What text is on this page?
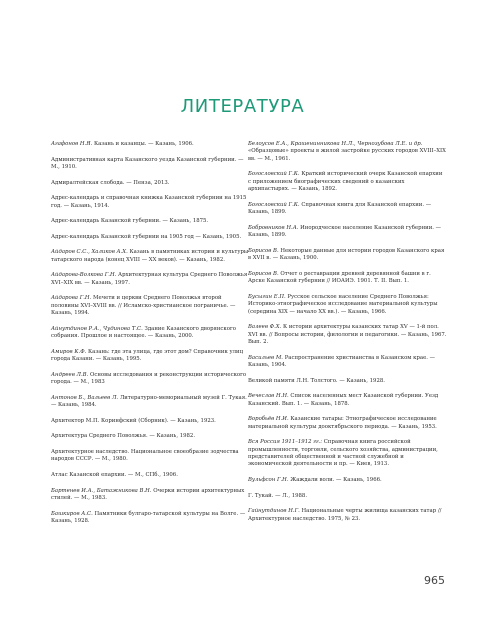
ЛИТЕРАТУРА
Агафонов Н.Я. Казань и казанцы. — Казань, 1906.
Административная карта Казанского уезда Казанской губернии. — М., 1910.
Адмиралтейская слобода. — Пенза, 2013.
Адрес-календарь и справочная книжка Казанской губернии на 1915 год. — Казань, 1914.
Адрес-календарь Казанской губернии. — Казань, 1875.
Адрес-календарь Казанской губернии на 1905 год — Казань, 1905.
Айдаров С.С., Халиков А.Х. Казань в памятниках истории и культуры татарского народа (конец XVIII — XX веков). — Казань, 1982.
Айдарова-Волкова Г.Н. Архитектурная культура Среднего Поволжья XVI–XIX вв. — Казань, 1997.
Айдарова Г.Н. Мечети и церкви Среднего Поволжья второй половины XVI–XVIII вв. // Исламско-христианское пограничье. — Казань, 1994.
Айнутдинов Р.А., Чудинова Т.С. Здание Казанского дворянского собрания. Прошлое и настоящее. — Казань, 2000.
Амиров К.Ф. Казань: где эта улица, где этот дом? Справочник улиц города Казани. — Казань, 1995.
Андреев Л.В. Основы исследования и реконструкции исторического города. — М., 1983
Антонов Б., Вальеев Л. Литературно-мемориальный музей Г. Тукая. — Казань, 1984.
Архитектор М.П. Коринфский (Сборник). — Казань, 1923.
Архитектура Среднего Поволжья. — Казань, 1982.
Архитектурное наследство. Национальное своеобразие зодчества народов СССР. — М., 1980.
Атлас Казанской епархии. — М., СПб., 1906.
Бартенев И.А., Батажникова В.Н. Очерки истории архитектурных стилей. — М., 1983.
Башкиров А.С. Памятники булгаро-татарской культуры на Волге. — Казань, 1928.
Белоусов Е.А., Крашенинникова Н.Л., Чернозубова Л.Е. и др. «Образцовые» проекты в жилой застройке русских городов XVIII–XIX вв. — М., 1961.
Богословский Г.К. Краткий исторический очерк Казанской епархии с приложением биографических сведений о казанских архипастырях. — Казань, 1892.
Богословский Г.К. Справочная книга для Казанской епархии. — Казань, 1899.
Бобровников Н.А. Инородческое население Казанской губернии. — Казань, 1899.
Борисов В. Некоторые данные для истории городов Казанского края в XVII в. — Казань, 1900.
Борисов В. Отчет о реставрации древней деревянной башни в г. Арске Казанской губернии // ИОАИЭ. 1901. Т. II. Вып. 1.
Бусыгин Е.П. Русское сельское население Среднего Поволжья: Историко-этнографическое исследование материальной культуры (середина XIX — начало XX вв.). — Казань, 1966.
Валеев Ф.Х. К истории архитектуры казанских татар XV — 1-й пол. XVI вв. // Вопросы истории, филологии и педагогики. — Казань, 1967. Вып. 2.
Васильев М. Распространение христианства в Казанском крае. — Казань, 1904.
Великой памяти Л.Н. Толстого. — Казань, 1928.
Вечеслав Н.Н. Список населенных мест Казанской губернии. Уезд Казанский. Вып. 1. — Казань, 1878.
Воробьёв Н.И. Казанские татары: Этнографическое исследование материальной культуры дооктябрьского периода. — Казань, 1953.
Вся Россия 1911–1912 гг.: Справочная книга российской промышленности, торговли, сельского хозяйства, администрации, представителей общественной и частной служебной и экономической деятельности и пр. — Киев, 1913.
Вульфсон Г.Н. Жаждали воли. — Казань, 1966.
Г. Тукай. — Л., 1988.
Гайнутдинов Н.Г. Национальные черты жилища казанских татар // Архитектурное наследство. 1975, № 23.
965
